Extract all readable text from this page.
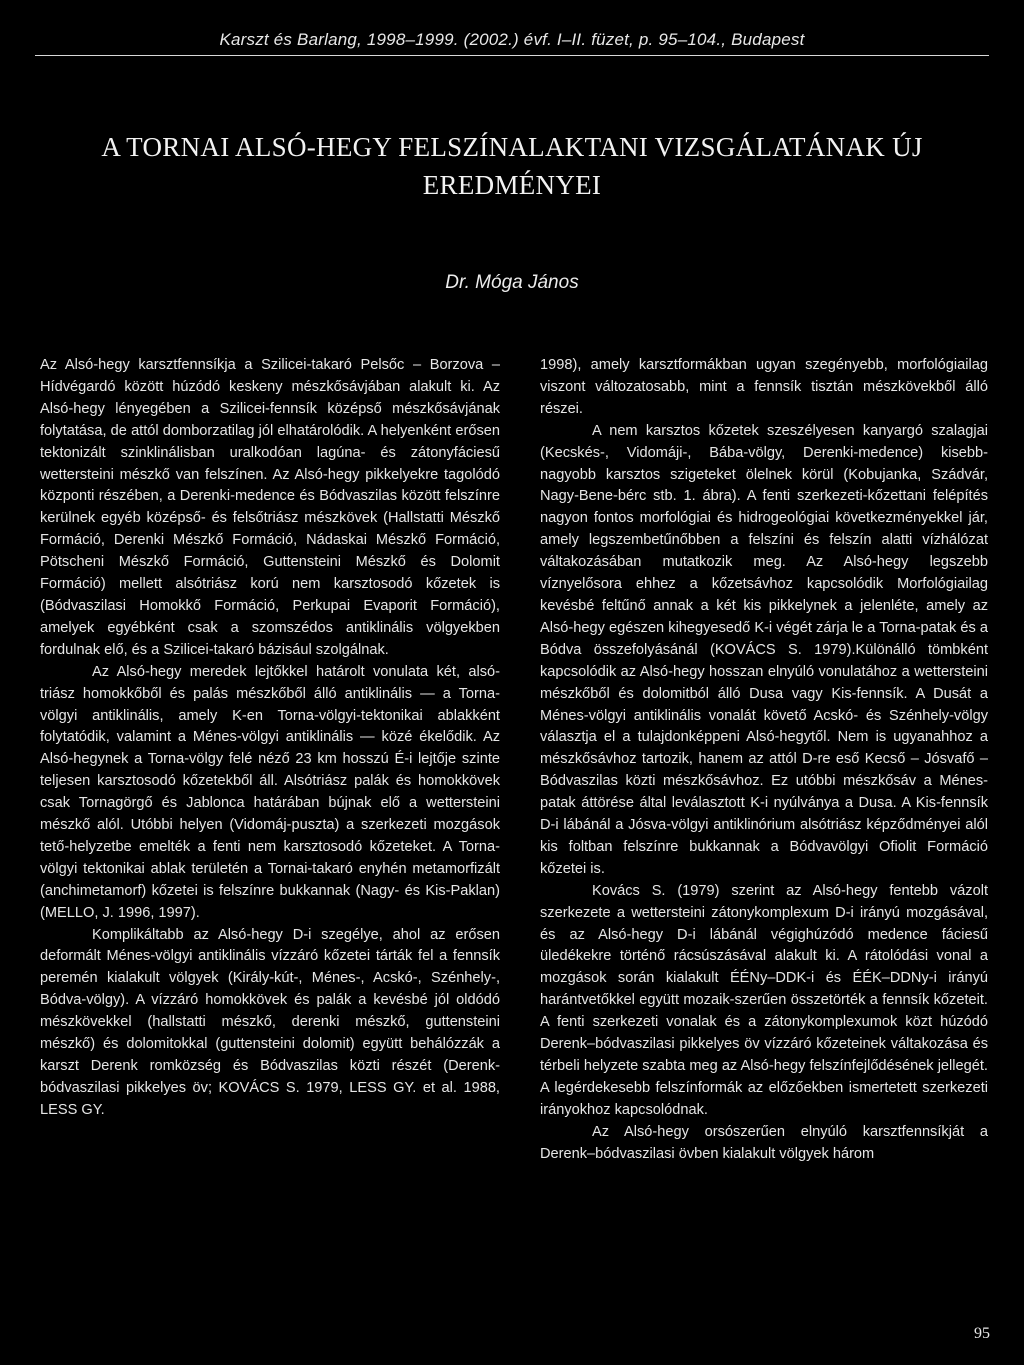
Karszt és Barlang, 1998–1999. (2002.) évf. I–II. füzet, p. 95–104., Budapest
A TORNAI ALSÓ-HEGY FELSZÍNALAKTANI VIZSGÁLATÁNAK ÚJ EREDMÉNYEI
Dr. Móga János

Az Alsó-hegy karsztfennsíkja a Szilicei-takaró Pelsőc – Borzova – Hídvégardó között húzódó keskeny mészkősávjában alakult ki. Az Alsó-hegy lényegében a Szilicei-fennsík középső mészkősávjának folytatása, de attól domborzatilag jól elhatárolódik. A helyenként erősen tektonizált szinklinálisban uralkodóan lagúna- és zátonyfáciesű wettersteini mészkő van felszínen. Az Alsó-hegy pikkelyekre tagolódó központi részében, a Derenki-medence és Bódvaszilas között felszínre kerülnek egyéb középső- és felsőtriász mészkövek (Hallstatti Mészkő Formáció, Derenki Mészkő Formáció, Nádaskai Mészkő Formáció, Pötscheni Mészkő Formáció, Guttensteini Mészkő és Dolomit Formáció) mellett alsótriász korú nem karsztosodó kőzetek is (Bódvaszilasi Homokkő Formáció, Perkupai Evaporit Formáció), amelyek egyébként csak a szomszédos antiklinális völgyekben fordulnak elő, és a Szilicei-takaró bázisául szolgálnak.

Az Alsó-hegy meredek lejtőkkel határolt vonulata két, alsó-triász homokkőből és palás mészkőből álló antiklinális — a Torna-völgyi antiklinális, amely K-en Torna-völgyi-tektonikai ablakként folytatódik, valamint a Ménes-völgyi antiklinális — közé ékelődik. Az Alsó-hegynek a Torna-völgy felé néző 23 km hosszú É-i lejtője szinte teljesen karsztosodó kőzetekből áll. Alsótriász palák és homokkövek csak Tornagörgő és Jablonca határában bújnak elő a wettersteini mészkő alól. Utóbbi helyen (Vidomáj-puszta) a szerkezeti mozgások tető-helyzetbe emelték a fenti nem karsztosodó kőzeteket. A Torna-völgyi tektonikai ablak területén a Tornai-takaró enyhén metamorfizált (anchimetamorf) kőzetei is felszínre bukkannak (Nagy- és Kis-Paklan) (MELLO, J. 1996, 1997).

Komplikáltabb az Alsó-hegy D-i szegélye, ahol az erősen deformált Ménes-völgyi antiklinális vízzáró kőzetei tárták fel a fennsík peremén kialakult völgyek (Király-kút-, Ménes-, Acskó-, Szénhely-, Bódva-völgy). A vízzáró homokkövek és palák a kevésbé jól oldódó mészkövekkel (hallstatti mészkő, derenki mészkő, guttensteini mészkő) és dolomitokkal (guttensteini dolomit) együtt behálózzák a karszt Derenk romközség és Bódvaszilas közti részét (Derenk-bódvaszilasi pikkelyes öv; KOVÁCS S. 1979, LESS GY. et al. 1988, LESS GY.

1998), amely karsztformákban ugyan szegényebb, morfológiailag viszont változatosabb, mint a fennsík tisztán mészkövekből álló részei.

A nem karsztos kőzetek szeszélyesen kanyargó szalagjai (Kecskés-, Vidomáji-, Bába-völgy, Derenki-medence) kisebb-nagyobb karsztos szigeteket ölelnek körül (Kobujanka, Szádvár, Nagy-Bene-bérc stb. 1. ábra). A fenti szerkezeti-kőzettani felépítés nagyon fontos morfológiai és hidrogeológiai következményekkel jár, amely legszembetűnőbben a felszíni és felszín alatti vízhálózat váltakozásában mutatkozik meg. Az Alsó-hegy legszebb víznyelősora ehhez a kőzetsávhoz kapcsolódik Morfológiailag kevésbé feltűnő annak a két kis pikkelynek a jelenléte, amely az Alsó-hegy egészen kihegyesedő K-i végét zárja le a Torna-patak és a Bódva összefolyásánál (KOVÁCS S. 1979).Különálló tömbként kapcsolódik az Alsó-hegy hosszan elnyúló vonulatához a wettersteini mészkőből és dolomitból álló Dusa vagy Kis-fennsík. A Dusát a Ménes-völgyi antiklinális vonalát követő Acskó- és Szénhely-völgy választja el a tulajdonképpeni Alsó-hegytől. Nem is ugyanahhoz a mészkősávhoz tartozik, hanem az attól D-re eső Kecső – Jósvafő – Bódvaszilas közti mészkősávhoz. Ez utóbbi mészkősáv a Ménes-patak áttörése által leválasztott K-i nyúlványa a Dusa. A Kis-fennsík D-i lábánál a Jósva-völgyi antiklinórium alsótriász képződményei alól kis foltban felszínre bukkannak a Bódvavölgyi Ofiolit Formáció kőzetei is.

Kovács S. (1979) szerint az Alsó-hegy fentebb vázolt szerkezete a wettersteini zátonykomplexum D-i irányú mozgásával, és az Alsó-hegy D-i lábánál végighúzódó medence fáciesű üledékekre történő rácsúszásával alakult ki. A rátolódási vonal a mozgások során kialakult ÉÉNy–DDK-i és ÉÉK–DDNy-i irányú harántvetőkkel együtt mozaik-szerűen összetörték a fennsík kőzeteit. A fenti szerkezeti vonalak és a zátonykomplexumok közt húzódó Derenk–bódvaszilasi pikkelyes öv vízzáró kőzeteinek váltakozása és térbeli helyzete szabta meg az Alsó-hegy felszínfejlődésének jellegét. A legérdekesebb felszínformák az előzőekben ismertetett szerkezeti irányokhoz kapcsolódnak.

Az Alsó-hegy orsószerűen elnyúló karsztfennsíkját a Derenk–bódvaszilasi övben kialakult völgyek három

95
